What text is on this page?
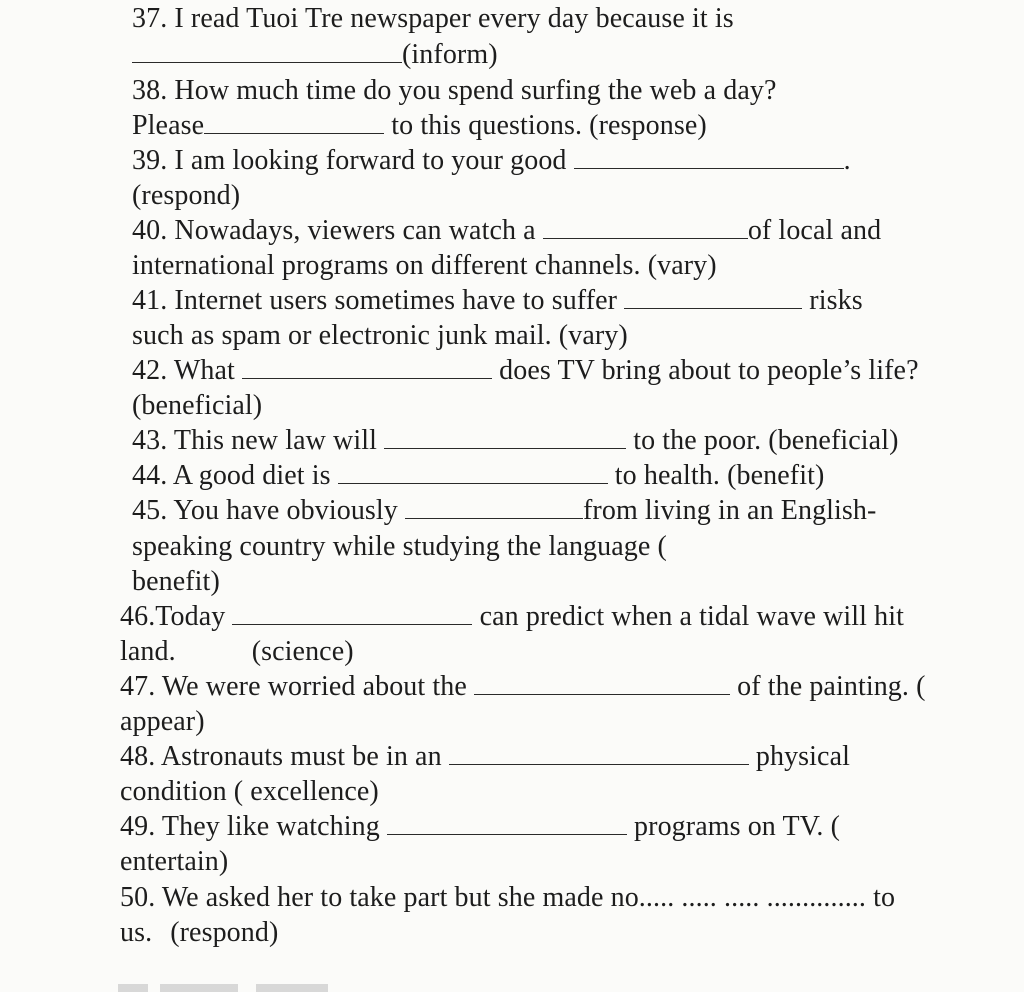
37. I read Tuoi Tre newspaper every day because it is
(inform)
38. How much time do you spend surfing the web a day?
Please	to this questions. (response)
39. I am looking forward to your good	.
(respond)
40. Nowadays, viewers can watch a	of local and
international programs on different channels. (vary)
41. Internet users sometimes have to suffer	risks
such as spam or electronic junk mail. (vary)
42. What	does TV bring about to people’s life?
(beneficial)
43. This new law will	to the poor. (beneficial)
44. A good diet is	to health. (benefit)
45. You have obviously	from living in an English-
speaking country while studying the language (
benefit)
46.Today	can predict when a tidal wave will hit
land.	(science)
47. We were worried about the	of the painting. (
appear)
48. Astronauts must be in an	physical
condition ( excellence)
49. They like watching	programs on TV. (
entertain)
50. We asked her to take part but she made no..... ..... ..... .............. to
us. (respond)
